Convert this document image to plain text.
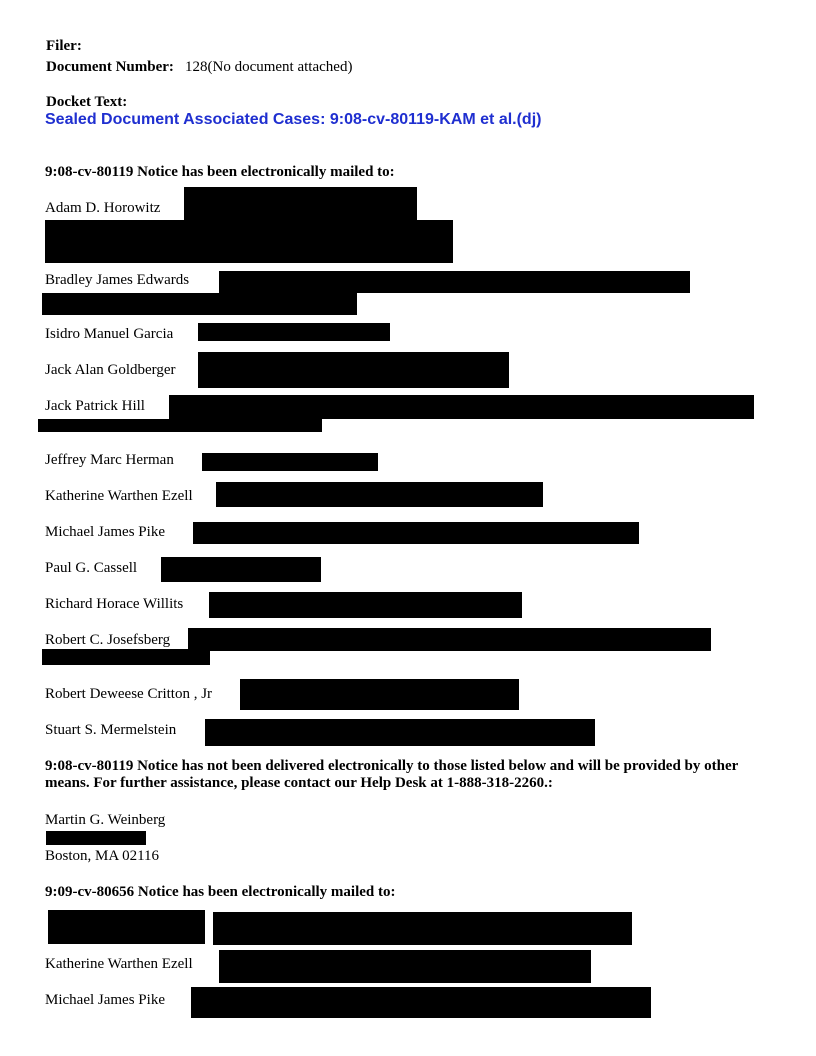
Filer:
Document Number: 128(No document attached)
Docket Text:
Sealed Document Associated Cases: 9:08-cv-80119-KAM et al.(dj)
9:08-cv-80119 Notice has been electronically mailed to:
Adam D. Horowitz
Bradley James Edwards
Isidro Manuel Garcia
Jack Alan Goldberger
Jack Patrick Hill
Jeffrey Marc Herman
Katherine Warthen Ezell
Michael James Pike
Paul G. Cassell
Richard Horace Willits
Robert C. Josefsberg
Robert Deweese Critton , Jr
Stuart S. Mermelstein
9:08-cv-80119 Notice has not been delivered electronically to those listed below and will be provided by other means. For further assistance, please contact our Help Desk at 1-888-318-2260.:
Martin G. Weinberg
Boston, MA 02116
9:09-cv-80656 Notice has been electronically mailed to:
Katherine Warthen Ezell
Michael James Pike
